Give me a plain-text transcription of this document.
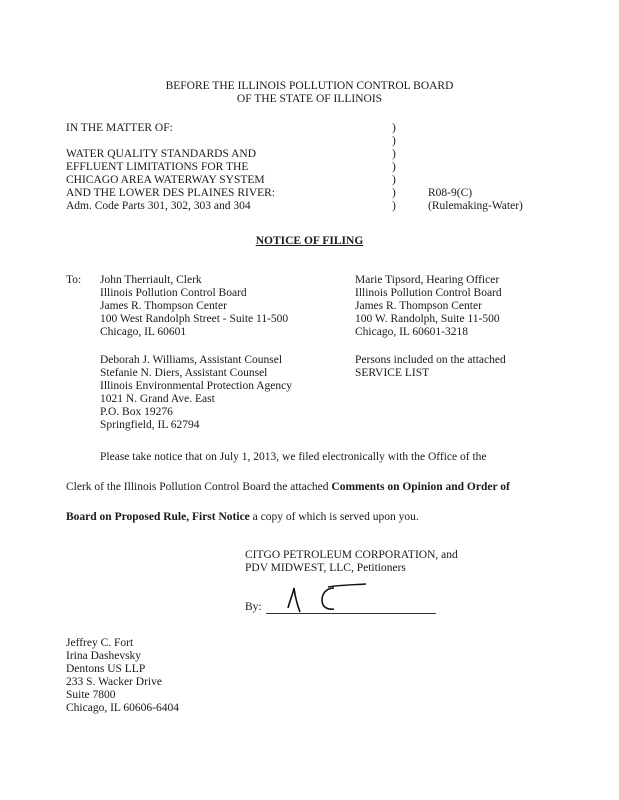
BEFORE THE ILLINOIS POLLUTION CONTROL BOARD
OF THE STATE OF ILLINOIS
IN THE MATTER OF:
WATER QUALITY STANDARDS AND
EFFLUENT LIMITATIONS FOR THE
CHICAGO AREA WATERWAY SYSTEM
AND THE LOWER DES PLAINES RIVER:
Adm. Code Parts 301, 302, 303 and 304
)
)
)
)
)
)
)
R08-9(C)
(Rulemaking-Water)
NOTICE OF FILING
To: John Therriault, Clerk
Illinois Pollution Control Board
James R. Thompson Center
100 West Randolph Street - Suite 11-500
Chicago, IL 60601
Marie Tipsord, Hearing Officer
Illinois Pollution Control Board
James R. Thompson Center
100 W. Randolph, Suite 11-500
Chicago, IL 60601-3218
Deborah J. Williams, Assistant Counsel
Stefanie N. Diers, Assistant Counsel
Illinois Environmental Protection Agency
1021 N. Grand Ave. East
P.O. Box 19276
Springfield, IL 62794
Persons included on the attached
SERVICE LIST
Please take notice that on July 1, 2013, we filed electronically with the Office of the
Clerk of the Illinois Pollution Control Board the attached Comments on Opinion and Order of
Board on Proposed Rule, First Notice a copy of which is served upon you.
CITGO PETROLEUM CORPORATION, and
PDV MIDWEST, LLC, Petitioners
By:
Jeffrey C. Fort
Irina Dashevsky
Dentons US LLP
233 S. Wacker Drive
Suite 7800
Chicago, IL 60606-6404
